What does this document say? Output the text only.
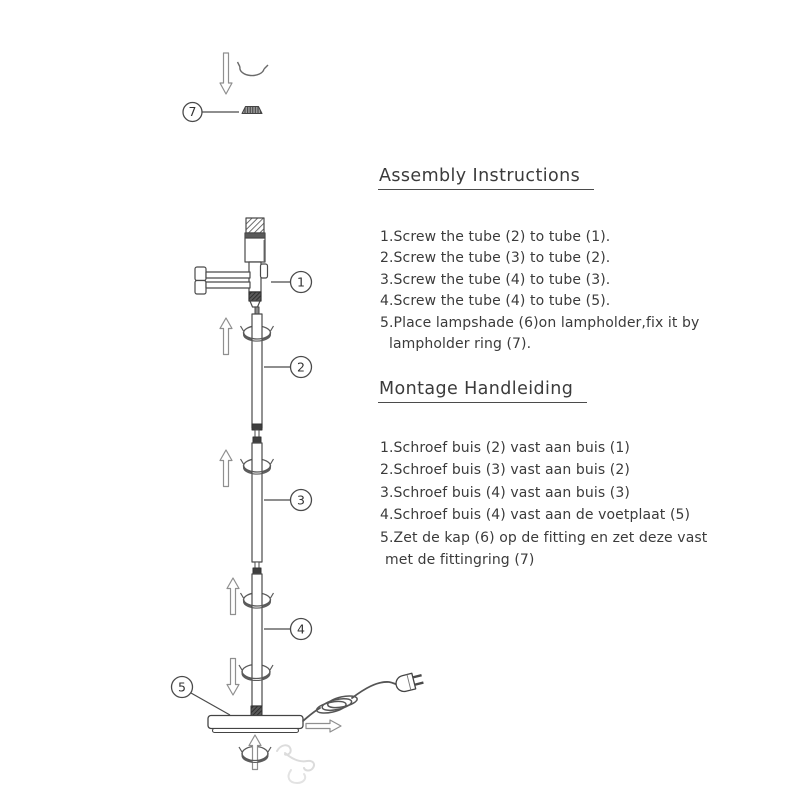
7
1
2
3
4
5
Assembly Instructions
1.Screw the tube (2) to tube (1).
2.Screw the tube (3) to tube (2).
3.Screw the tube (4) to tube (3).
4.Screw the tube (4) to tube (5).
5.Place lampshade (6)on lampholder,fix it by
lampholder ring (7).
Montage Handleiding
1.Schroef buis (2) vast aan buis (1)
2.Schroef buis (3) vast aan buis (2)
3.Schroef buis (4) vast aan buis (3)
4.Schroef buis (4) vast aan de voetplaat (5)
5.Zet de kap (6) op de fitting en zet deze vast
met de fittingring (7)
